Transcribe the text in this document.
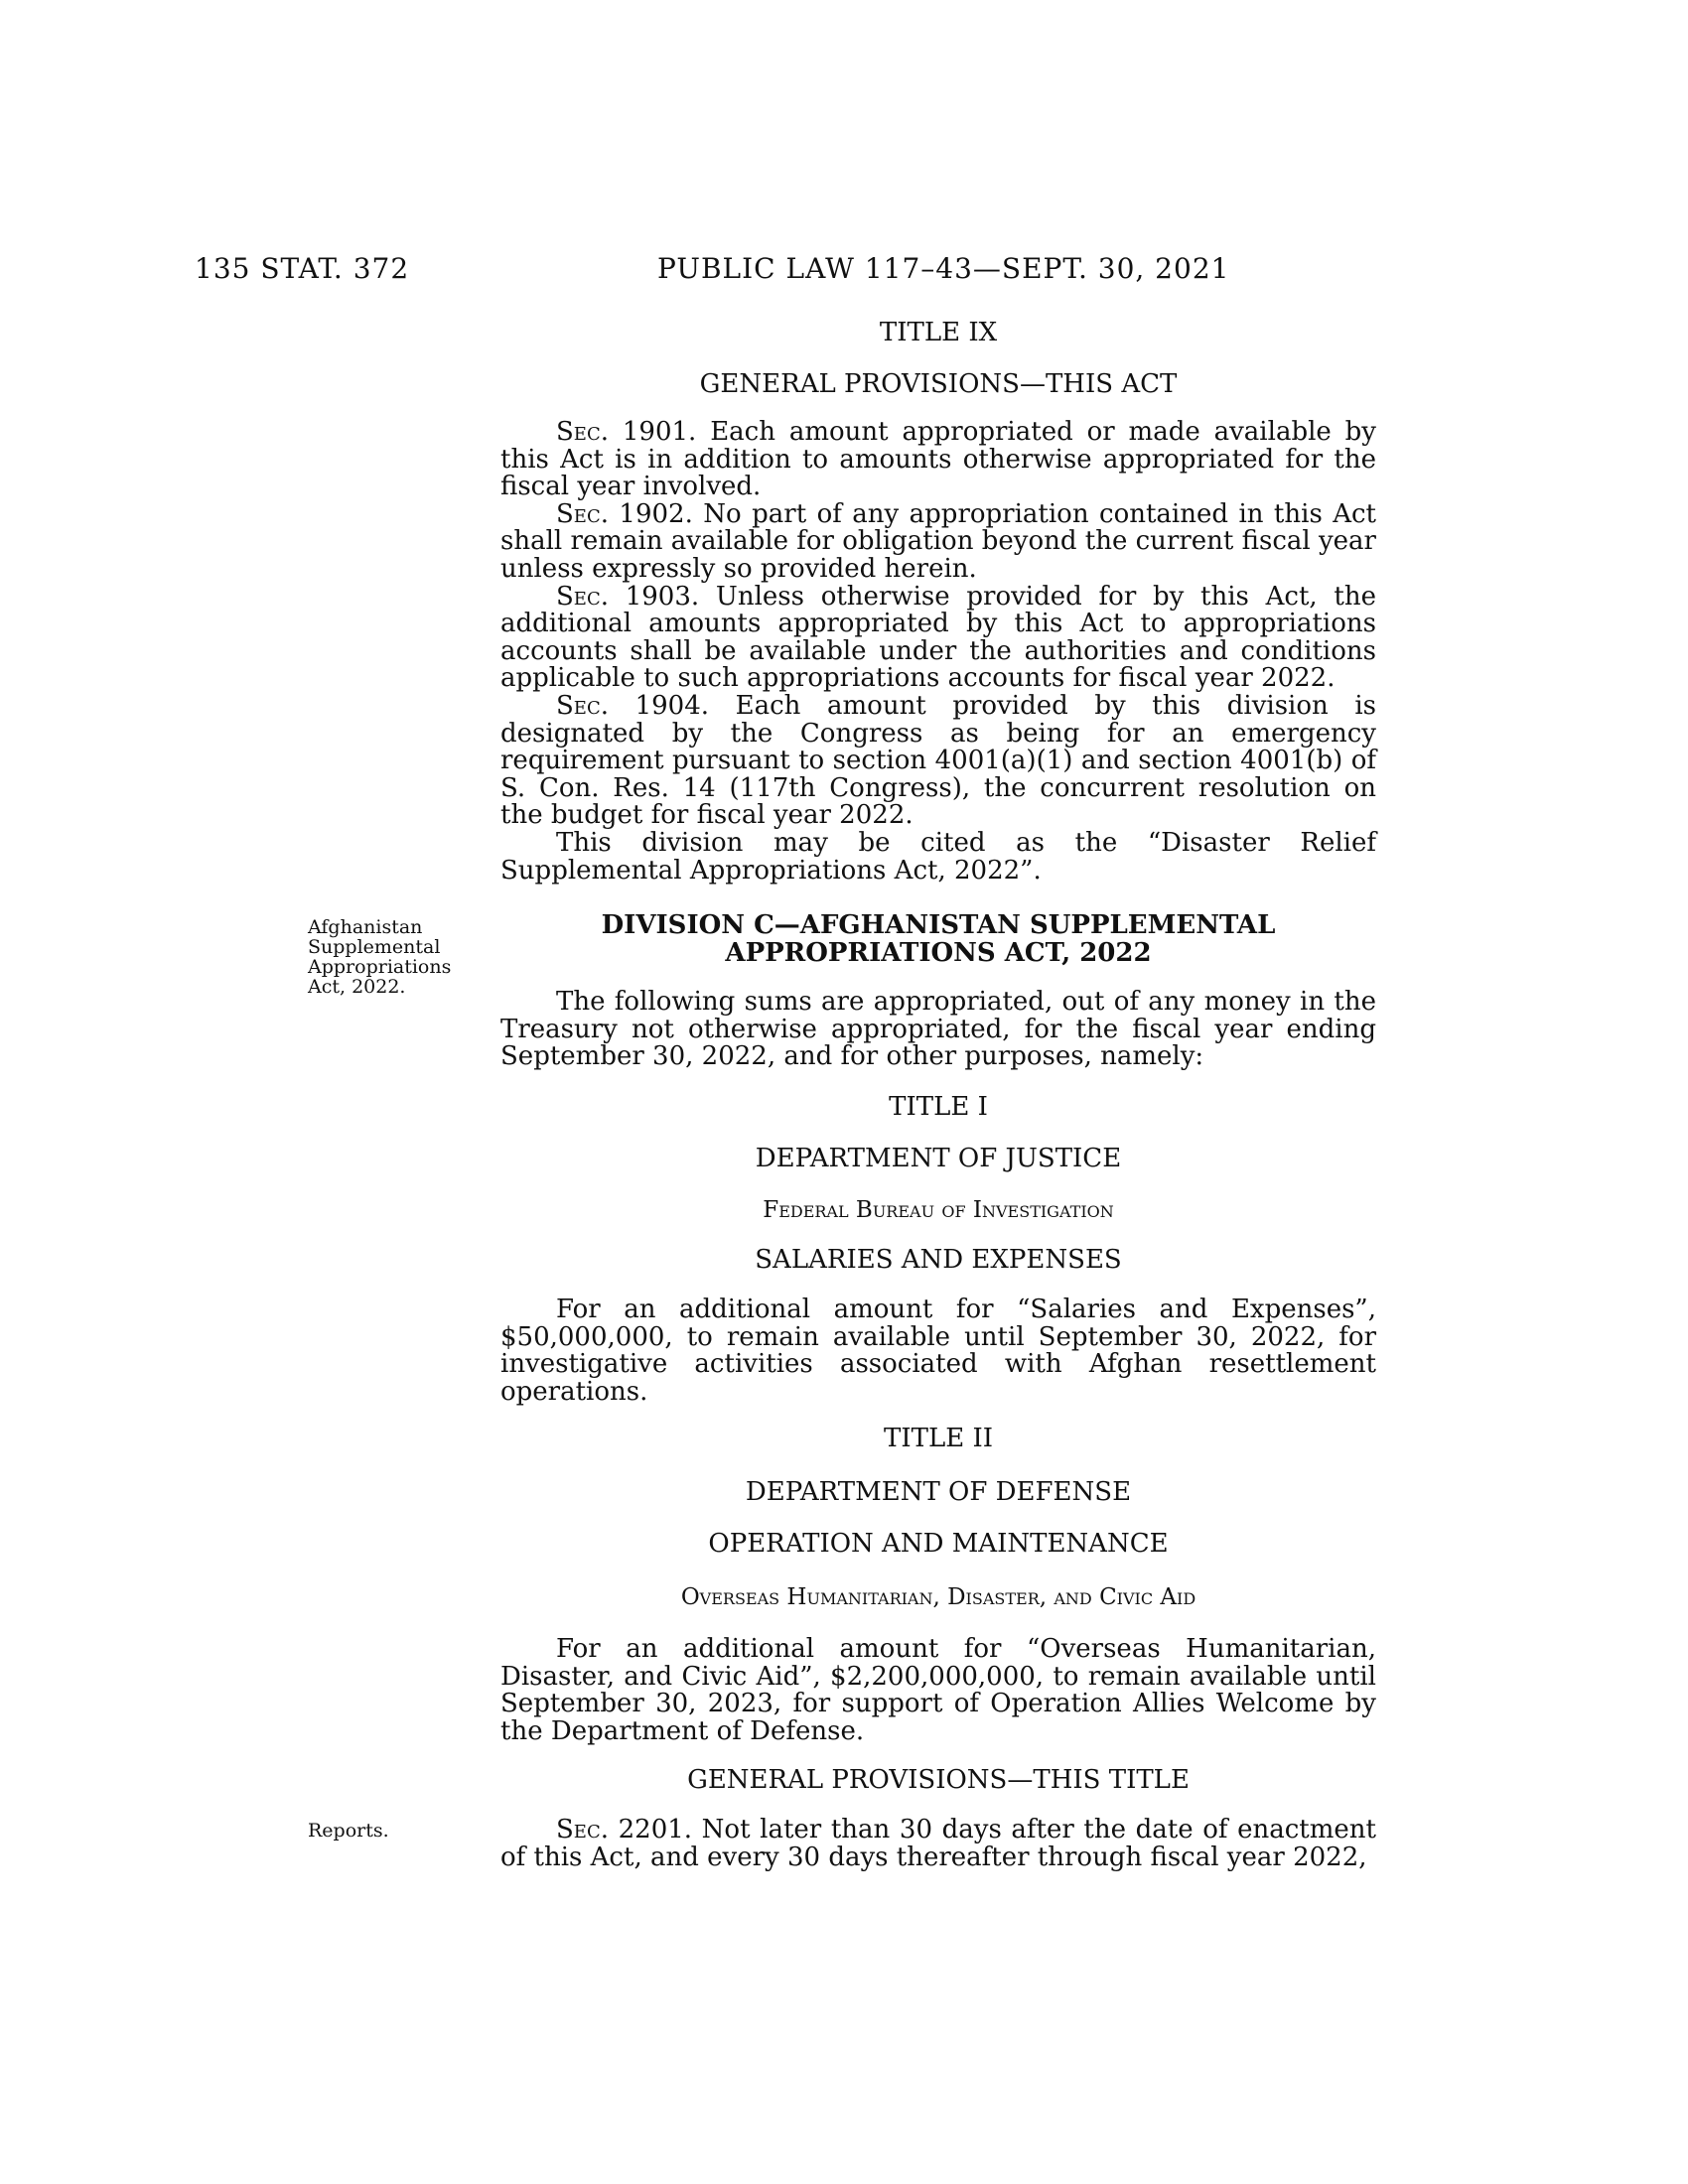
135 STAT. 372	PUBLIC LAW 117–43—SEPT. 30, 2021
TITLE IX
GENERAL PROVISIONS—THIS ACT

Sec. 1901. Each amount appropriated or made available by this Act is in addition to amounts otherwise appropriated for the fiscal year involved.

Sec. 1902. No part of any appropriation contained in this Act shall remain available for obligation beyond the current fiscal year unless expressly so provided herein.

Sec. 1903. Unless otherwise provided for by this Act, the additional amounts appropriated by this Act to appropriations accounts shall be available under the authorities and conditions applicable to such appropriations accounts for fiscal year 2022.

Sec. 1904. Each amount provided by this division is designated by the Congress as being for an emergency requirement pursuant to section 4001(a)(1) and section 4001(b) of S. Con. Res. 14 (117th Congress), the concurrent resolution on the budget for fiscal year 2022.

This division may be cited as the “Disaster Relief Supplemental Appropriations Act, 2022”.

Afghanistan Supplemental Appropriations Act, 2022.
DIVISION C—AFGHANISTAN SUPPLEMENTAL
APPROPRIATIONS ACT, 2022
The following sums are appropriated, out of any money in the Treasury not otherwise appropriated, for the fiscal year ending September 30, 2022, and for other purposes, namely:
TITLE I
DEPARTMENT OF JUSTICE
Federal Bureau of Investigation
SALARIES AND EXPENSES
For an additional amount for “Salaries and Expenses”, $50,000,000, to remain available until September 30, 2022, for investigative activities associated with Afghan resettlement operations.
TITLE II
DEPARTMENT OF DEFENSE
OPERATION AND MAINTENANCE
Overseas Humanitarian, Disaster, and Civic Aid
For an additional amount for “Overseas Humanitarian, Disaster, and Civic Aid”, $2,200,000,000, to remain available until September 30, 2023, for support of Operation Allies Welcome by the Department of Defense.
GENERAL PROVISIONS—THIS TITLE
Reports.	Sec. 2201. Not later than 30 days after the date of enactment of this Act, and every 30 days thereafter through fiscal year 2022,
